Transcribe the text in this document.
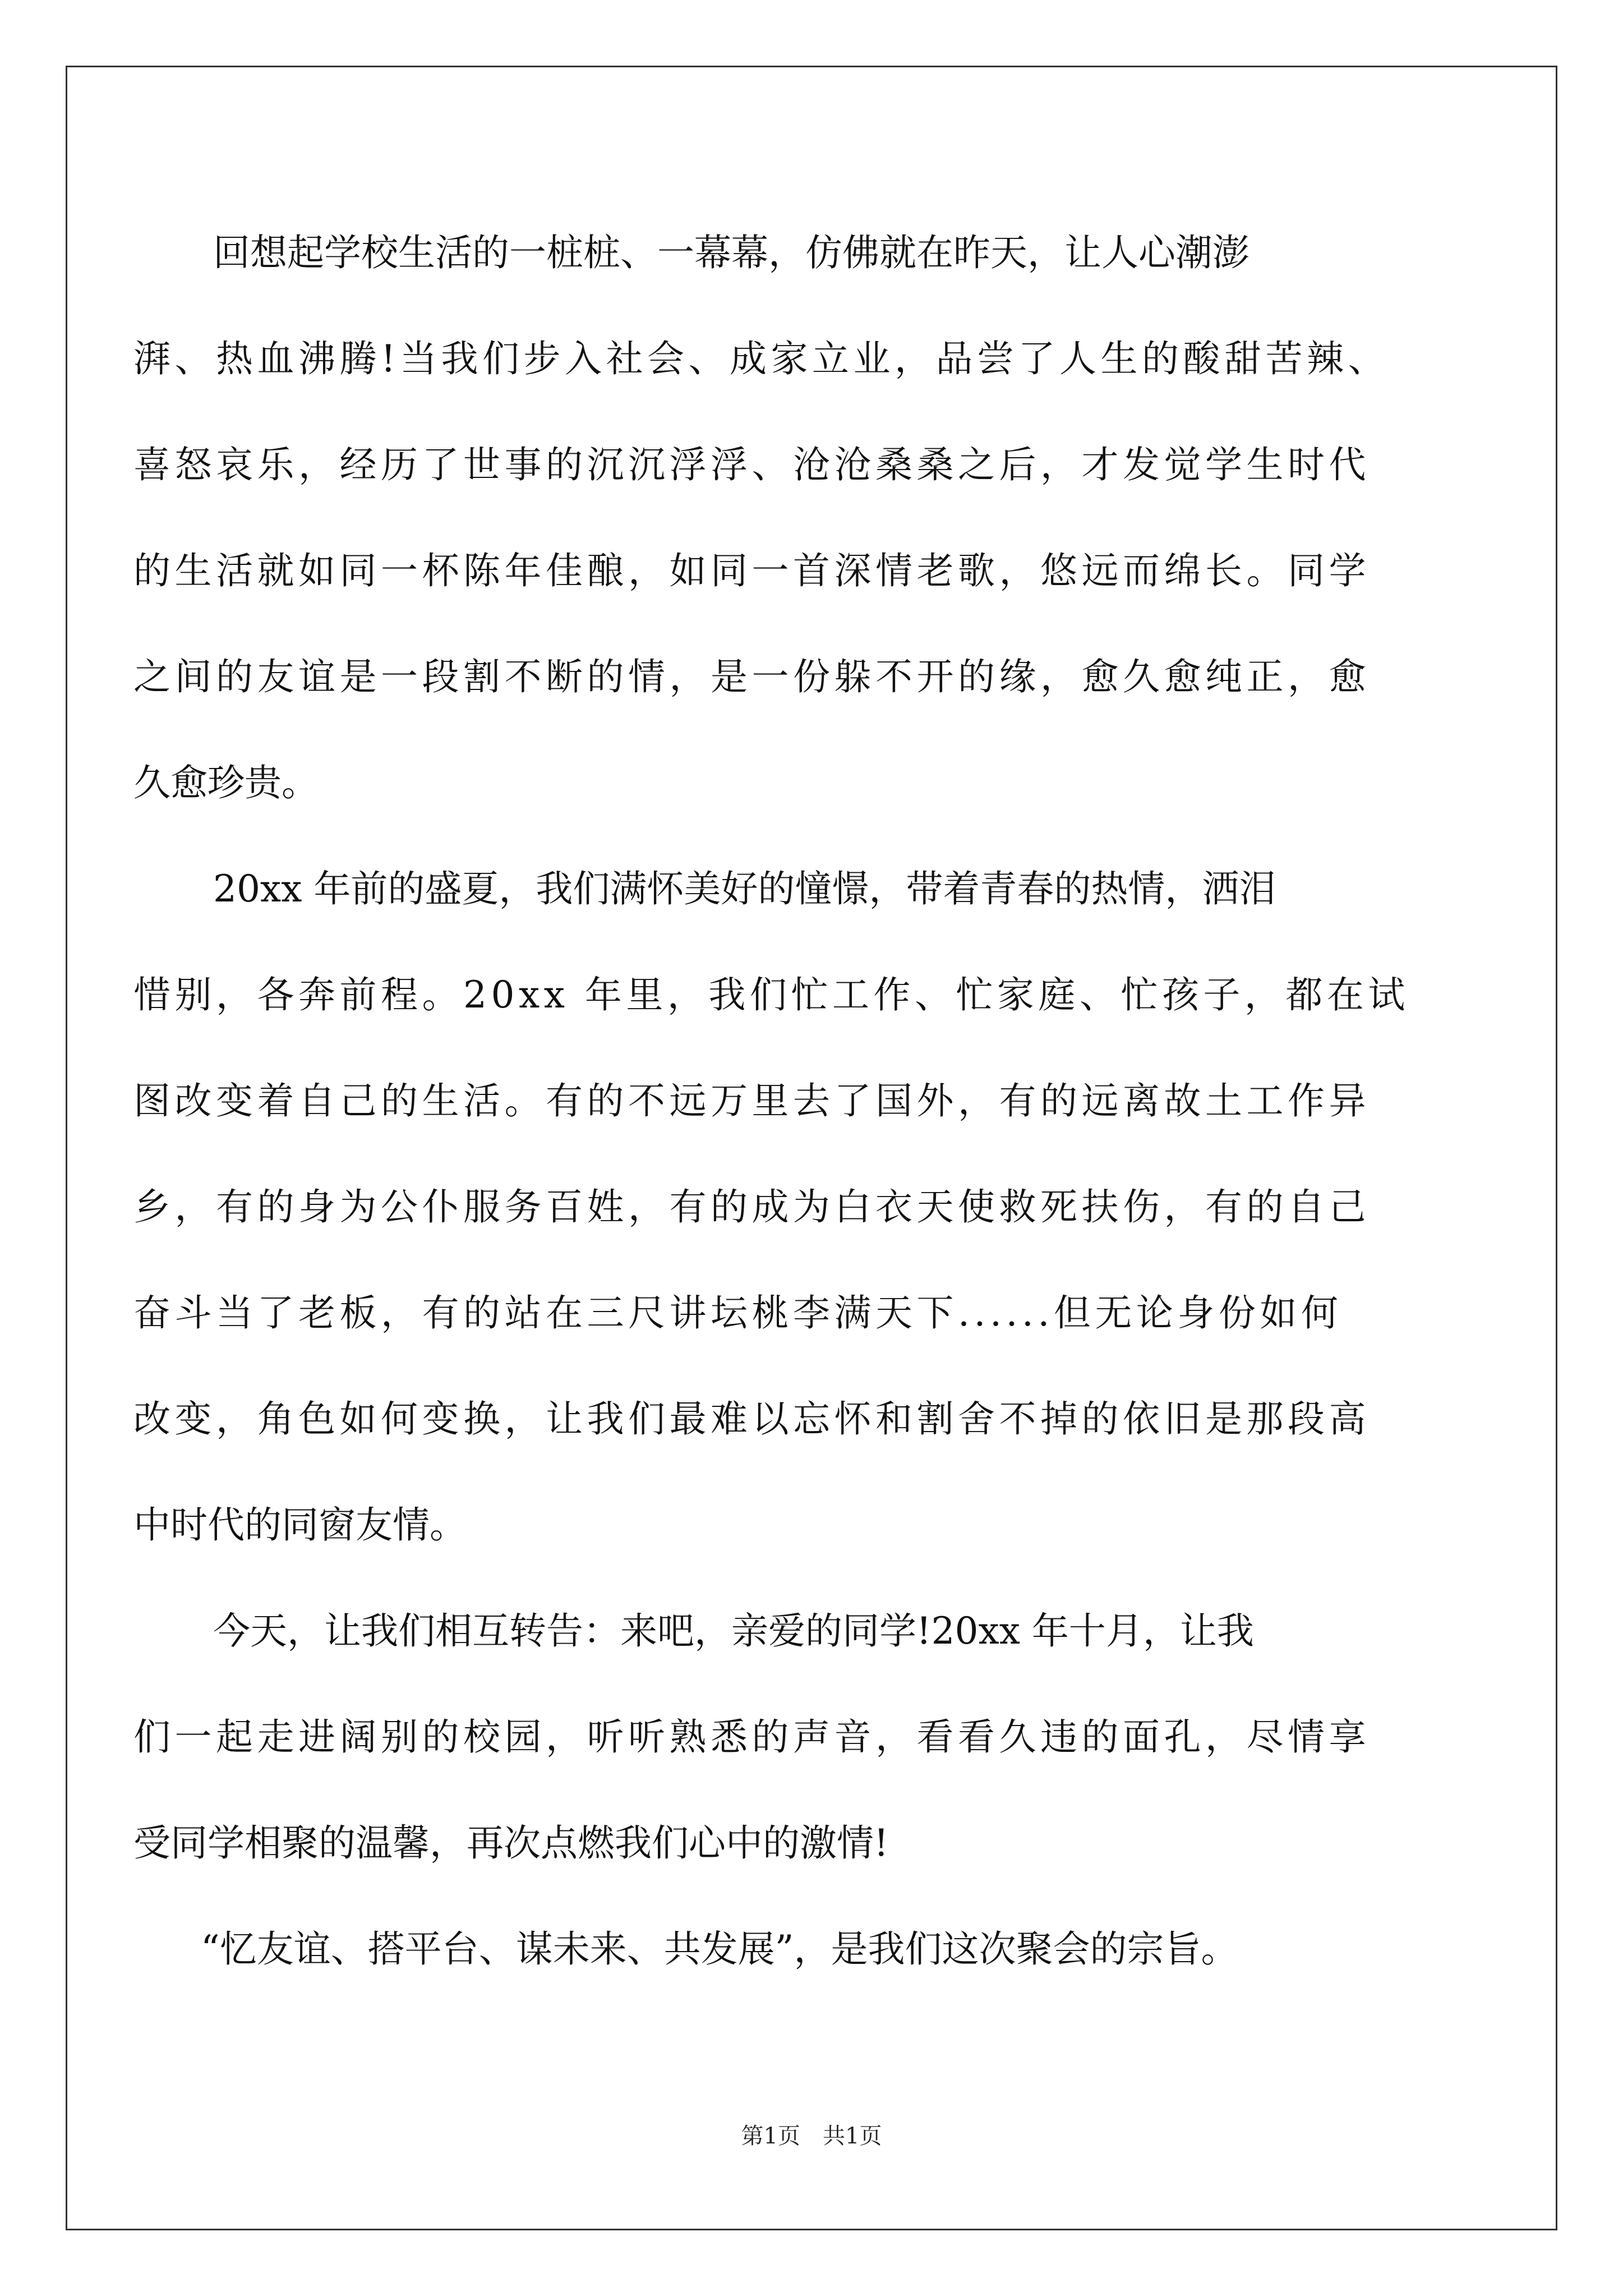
回想起学校生活的一桩桩、一幕幕，仿佛就在昨天，让人心潮澎
湃、热血沸腾!当我们步入社会、成家立业，品尝了人生的酸甜苦辣、
喜怒哀乐，经历了世事的沉沉浮浮、沧沧桑桑之后，才发觉学生时代
的生活就如同一杯陈年佳酿，如同一首深情老歌，悠远而绵长。同学
之间的友谊是一段割不断的情，是一份躲不开的缘，愈久愈纯正，愈
久愈珍贵。
20xx 年前的盛夏，我们满怀美好的憧憬，带着青春的热情，洒泪
惜别，各奔前程。20xx 年里，我们忙工作、忙家庭、忙孩子，都在试
图改变着自己的生活。有的不远万里去了国外，有的远离故土工作异
乡，有的身为公仆服务百姓，有的成为白衣天使救死扶伤，有的自己
奋斗当了老板，有的站在三尺讲坛桃李满天下......但无论身份如何
改变，角色如何变换，让我们最难以忘怀和割舍不掉的依旧是那段高
中时代的同窗友情。
今天，让我们相互转告：来吧，亲爱的同学!20xx 年十月，让我
们一起走进阔别的校园，听听熟悉的声音，看看久违的面孔，尽情享
受同学相聚的温馨，再次点燃我们心中的激情!
“忆友谊、搭平台、谋未来、共发展”，是我们这次聚会的宗旨。
第1页　共1页
